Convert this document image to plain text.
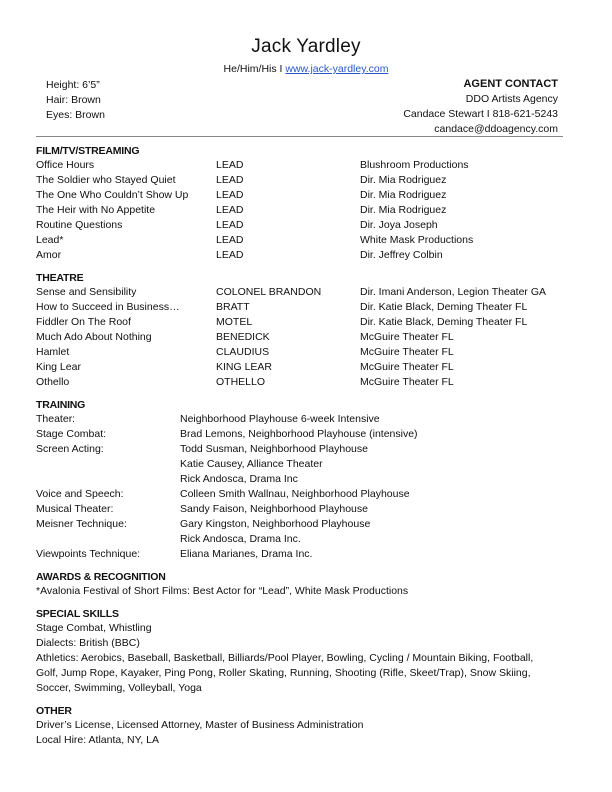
Jack Yardley
He/Him/His I www.jack-yardley.com
Height: 6’5”
Hair: Brown
Eyes: Brown
AGENT CONTACT
DDO Artists Agency
Candace Stewart I 818-621-5243
candace@ddoagency.com
FILM/TV/STREAMING
Office Hours	LEAD	Blushroom Productions
The Soldier who Stayed Quiet	LEAD	Dir. Mia Rodriguez
The One Who Couldn’t Show Up	LEAD	Dir. Mia Rodriguez
The Heir with No Appetite	LEAD	Dir. Mia Rodriguez
Routine Questions	LEAD	Dir. Joya Joseph
Lead*	LEAD	White Mask Productions
Amor	LEAD	Dir. Jeffrey Colbin
THEATRE
Sense and Sensibility	COLONEL BRANDON	Dir. Imani Anderson, Legion Theater GA
How to Succeed in Business…	BRATT	Dir. Katie Black, Deming Theater FL
Fiddler On The Roof	MOTEL	Dir. Katie Black, Deming Theater FL
Much Ado About Nothing	BENEDICK	McGuire Theater FL
Hamlet	CLAUDIUS	McGuire Theater FL
King Lear	KING LEAR	McGuire Theater FL
Othello	OTHELLO	McGuire Theater FL
TRAINING
Theater:	Neighborhood Playhouse 6-week Intensive
Stage Combat:	Brad Lemons, Neighborhood Playhouse (intensive)
Screen Acting:	Todd Susman, Neighborhood Playhouse
Katie Causey, Alliance Theater
Rick Andosca, Drama Inc
Voice and Speech:	Colleen Smith Wallnau, Neighborhood Playhouse
Musical Theater:	Sandy Faison, Neighborhood Playhouse
Meisner Technique:	Gary Kingston, Neighborhood Playhouse
Rick Andosca, Drama Inc.
Viewpoints Technique:	Eliana Marianes, Drama Inc.
AWARDS & RECOGNITION
*Avalonia Festival of Short Films: Best Actor for “Lead”, White Mask Productions
SPECIAL SKILLS
Stage Combat, Whistling
Dialects: British (BBC)
Athletics: Aerobics, Baseball, Basketball, Billiards/Pool Player, Bowling, Cycling / Mountain Biking, Football,
Golf, Jump Rope, Kayaker, Ping Pong, Roller Skating, Running, Shooting (Rifle, Skeet/Trap), Snow Skiing,
Soccer, Swimming, Volleyball, Yoga
OTHER
Driver’s License, Licensed Attorney, Master of Business Administration
Local Hire: Atlanta, NY, LA
